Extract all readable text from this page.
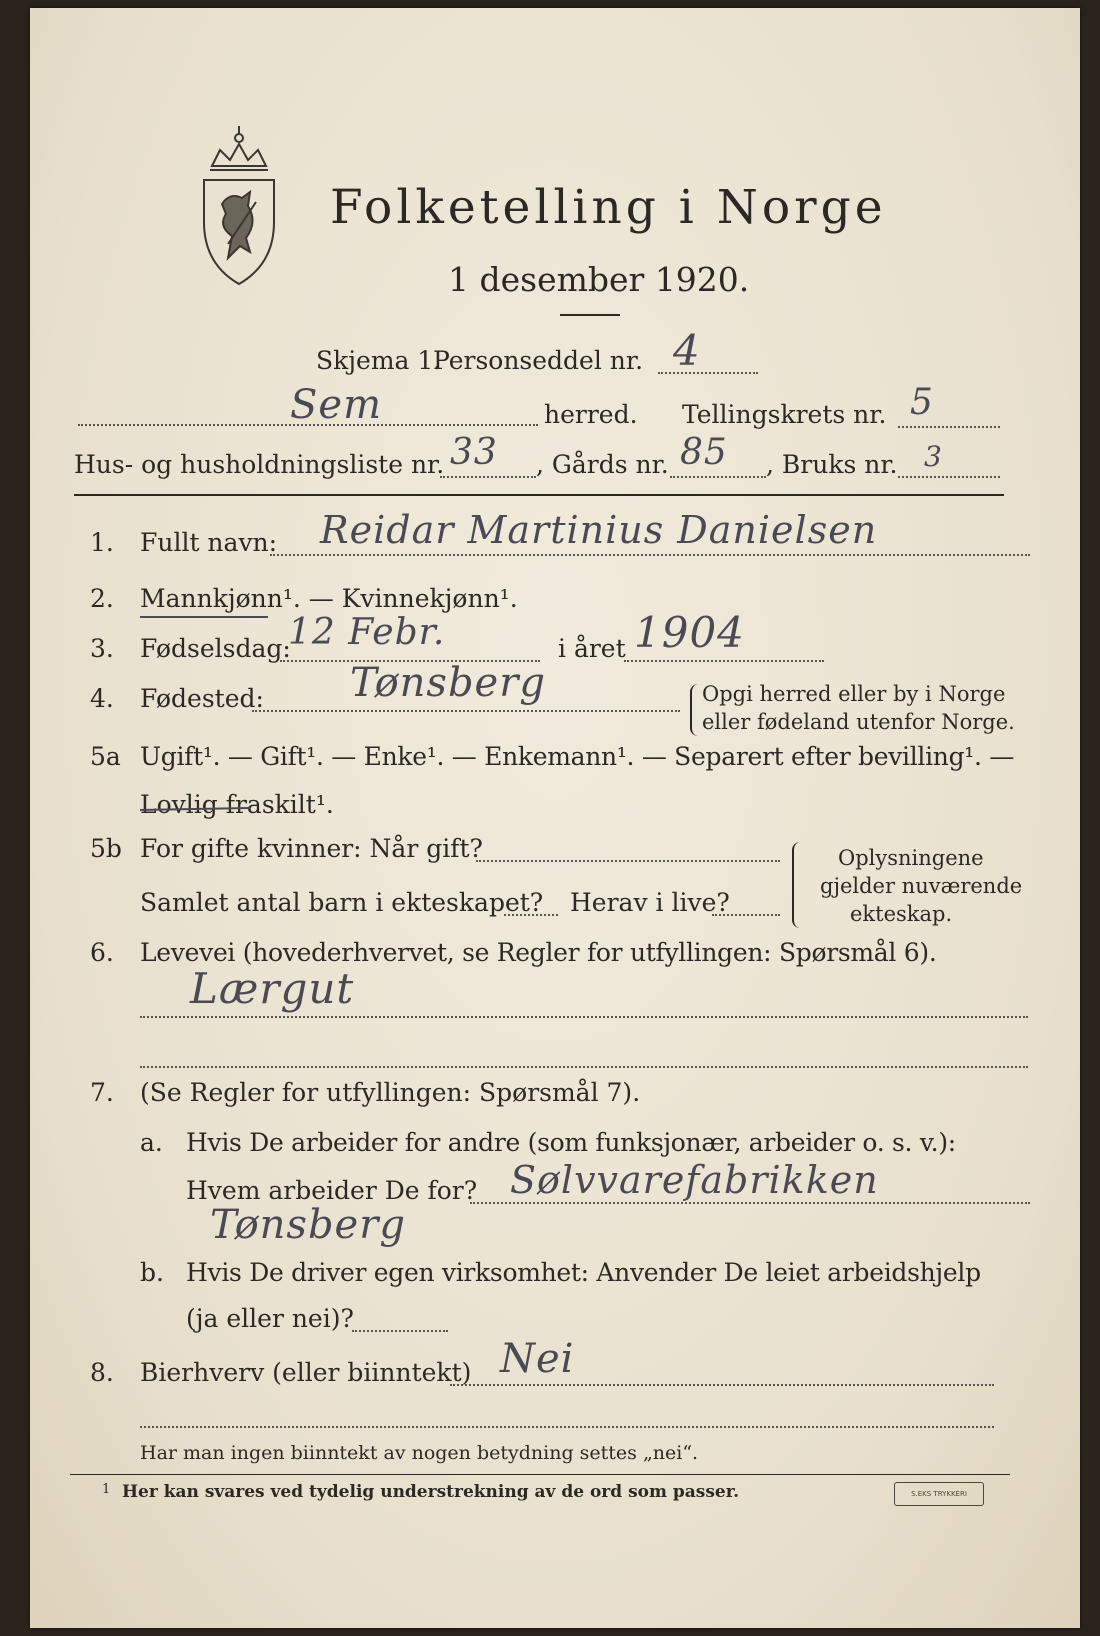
Folketelling i Norge
1 desember 1920.
Skjema 1.
Personseddel nr. 4
Sem	herred. Tellingskrets nr. 5
Hus- og husholdningsliste nr. 33 , Gårds nr. 85 , Bruks nr. 3
1. Fullt navn: Reidar Martinius Danielsen
2. Mannkjønn¹. — Kvinnekjønn¹.
3. Fødselsdag:
12 Febr.	i året 1904
4. Fødested: Tønsberg	Opgi herred eller by i Norge
eller fødeland utenfor Norge.
5a Ugift¹. — Gift¹. — Enke¹. — Enkemann¹. — Separert efter bevilling¹. —
Lovlig fraskilt¹.
5b For gifte kvinner: Når gift?
Samlet antal barn i ekteskapet? Herav i live?
Oplysningene
gjelder nuværende
ekteskap.
6. Levevei (hovederhvervet, se Regler for utfyllingen: Spørsmål 6).
Lærgut
7. (Se Regler for utfyllingen: Spørsmål 7).
a. Hvis De arbeider for andre (som funksjonær, arbeider o. s. v.):
Hvem arbeider De for? Sølvvarefabrikken
Tønsberg
b. Hvis De driver egen virksomhet: Anvender De leiet arbeidshjelp
(ja eller nei)?
8. Bierhverv (eller biinntekt) Nei
Har man ingen biinntekt av nogen betydning settes „nei“.
1 Her kan svares ved tydelig understrekning av de ord som passer.	S.EKS TRYKKERI
